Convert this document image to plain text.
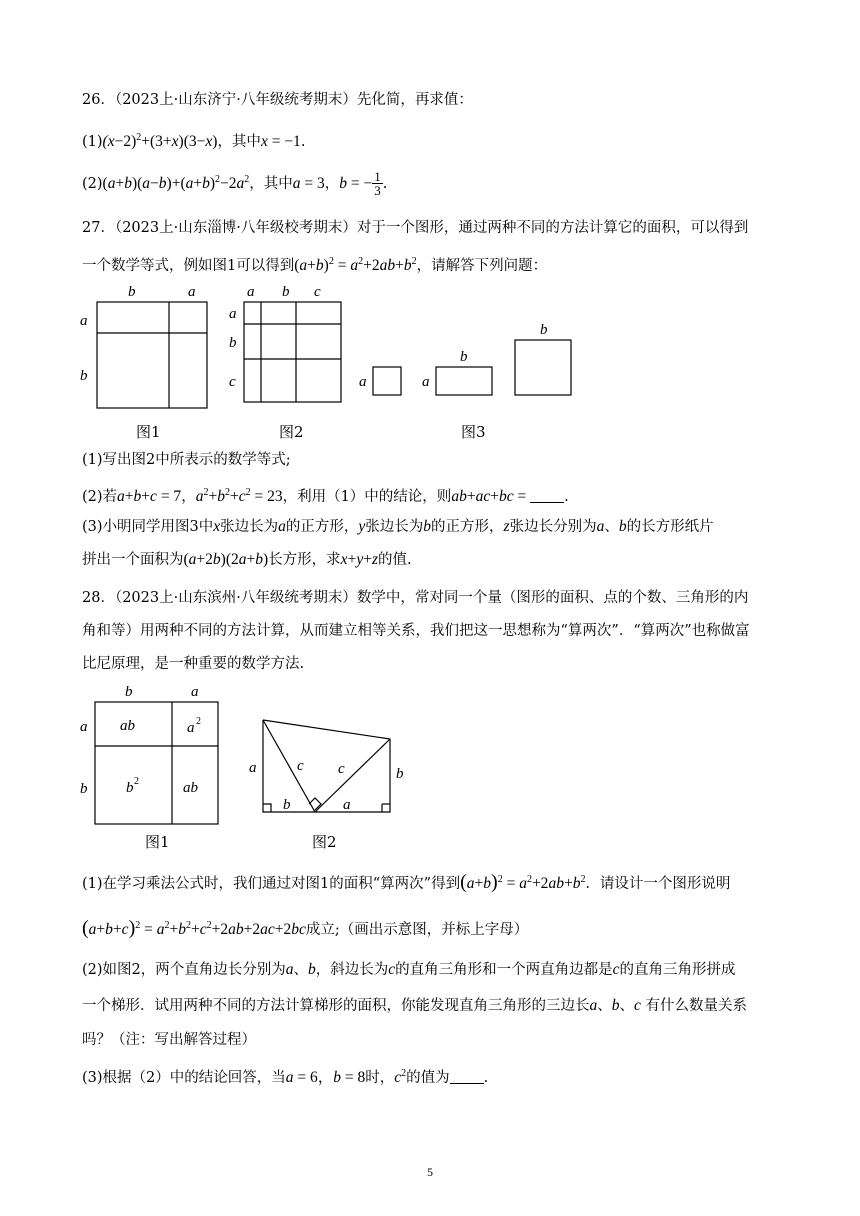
26．（2023上·山东济宁·八年级统考期末）先化简，再求值：
$(1)(x-2)^2+(3+x)(3-x)$，其中x = −1.
$(2)(a+b)(a-b)+(a+b)^2-2a^2$，其中a = 3，b = − $\frac{1}{3}$ .
27．（2023上·山东淄博·八年级校考期末）对于一个图形，通过两种不同的方法计算它的面积，可以得到
一个数学等式，例如图1可以得到$(a+b)^2 = a^2+2ab+b^2$，请解答下列问题：
b	a
a
b
图1
a b c
a
b
c
图2
a	a
b
b
图3
(1)写出图2中所表示的数学等式;
(2)若a+b+c = 7，$a^2+b^2+c^2 = 23$，利用（1）中的结论，则ab+ac+bc = .
(3)小明同学用图3中x张边长为a的正方形，y张边长为b的正方形，z张边长分别为a、b的长方形纸片
拼出一个面积为(a+2b)(2a+b)长方形，求x+y+z的值.
28．（2023上·山东滨州·八年级统考期末）数学中，常对同一个量（图形的面积、点的个数、三角形的内
角和等）用两种不同的方法计算，从而建立相等关系，我们把这一思想称为“算两次”．“算两次”也称做富
比尼原理，是一种重要的数学方法.
b	a
a
b
ab	a 2
b 2	ab
图1
a	b
c c
b	a
图2
(1)在学习乘法公式时，我们通过对图1的面积“算两次”得到$(a+b)^2 = a^2+2ab+b^2$．请设计一个图形说明
$(a+b+c)^2 = a^2+b^2+c^2+2ab+2ac+2bc$成立;（画出示意图，并标上字母）
(2)如图2，两个直角边长分别为a、b，斜边长为c的直角三角形和一个两直角边都是c的直角三角形拼成
一个梯形．试用两种不同的方法计算梯形的面积，你能发现直角三角形的三边长a、b、c 有什么数量关系
吗？（注：写出解答过程）
(3)根据（2）中的结论回答，当a = 6，b = 8时，$c^2$的值为 .
5
